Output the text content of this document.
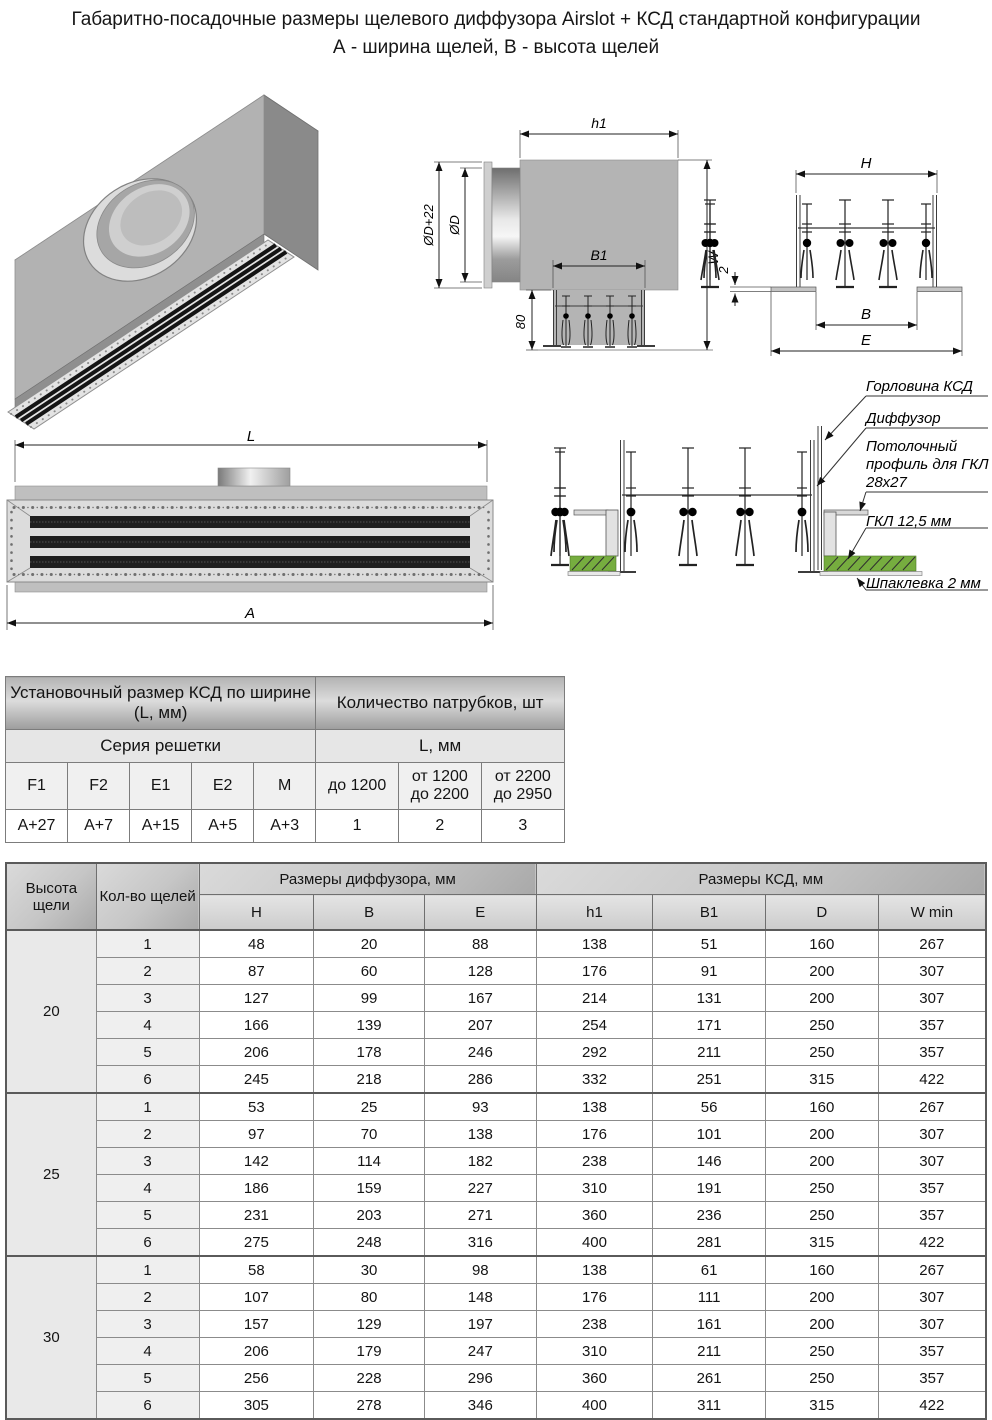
Габаритно-посадочные размеры щелевого диффузора Airslot + КСД стандартной конфигурации
А - ширина щелей, В - высота щелей
h1
ØD+22 ØD
B1	W
80
H
2
B
E
L
A
Горловина КСД
Диффузор
Потолочный профиль для ГКЛ 28х27
ГКЛ 12,5 мм
Шпаклевка 2 мм
Установочный размер КСД по ширине (L, мм)					Количество патрубков, шт		
Серия решетки					L, мм		
F1	F2	E1	E2	M	до 1200	от 1200 до 2200	от 2200 до 2950
A+27	A+7	A+15	A+5	A+3	1	2	3
Высота щели	Кол-во щелей	Размеры диффузора, мм			Размеры КСД, мм			
		H	B	E	h1	B1	D	W min
20	1	48	20	88	138	51	160	267
	2	87	60	128	176	91	200	307
	3	127	99	167	214	131	200	307
	4	166	139	207	254	171	250	357
	5	206	178	246	292	211	250	357
	6	245	218	286	332	251	315	422
25	1	53	25	93	138	56	160	267
	2	97	70	138	176	101	200	307
	3	142	114	182	238	146	200	307
	4	186	159	227	310	191	250	357
	5	231	203	271	360	236	250	357
	6	275	248	316	400	281	315	422
30	1	58	30	98	138	61	160	267
	2	107	80	148	176	111	200	307
	3	157	129	197	238	161	200	307
	4	206	179	247	310	211	250	357
	5	256	228	296	360	261	250	357
	6	305	278	346	400	311	315	422
